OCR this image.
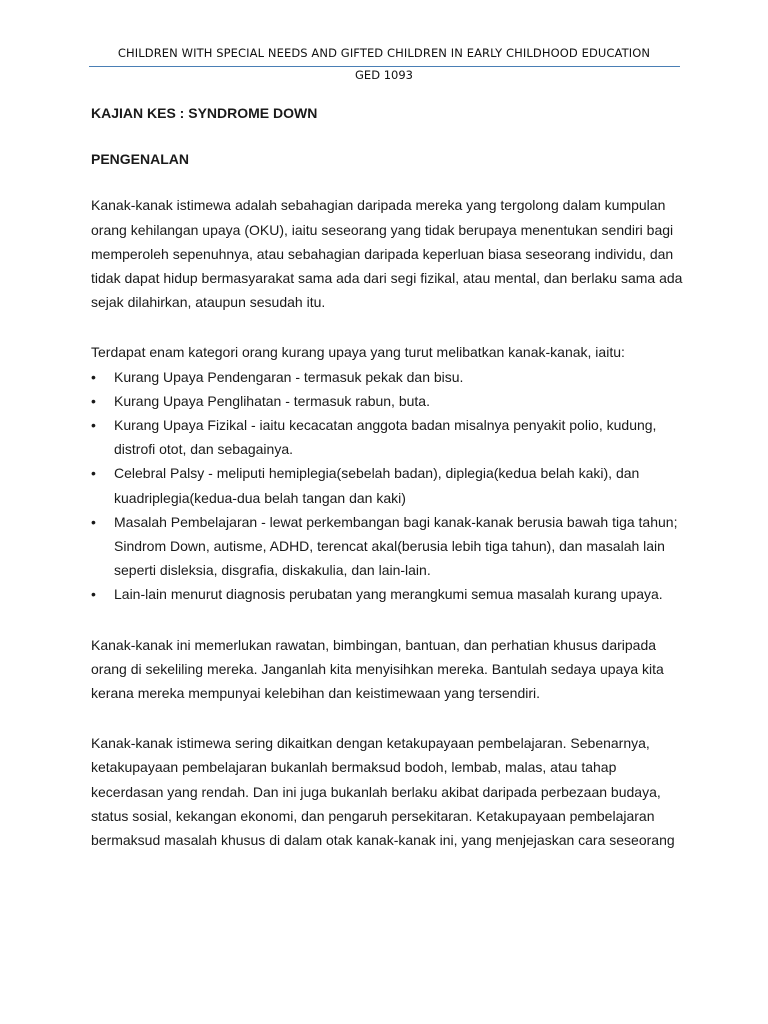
CHILDREN WITH SPECIAL NEEDS AND GIFTED CHILDREN IN EARLY CHILDHOOD EDUCATION
GED 1093

KAJIAN KES : SYNDROME DOWN

PENGENALAN

Kanak-kanak istimewa adalah sebahagian daripada mereka yang tergolong dalam kumpulan orang kehilangan upaya (OKU), iaitu seseorang yang tidak berupaya menentukan sendiri bagi memperoleh sepenuhnya, atau sebahagian daripada keperluan biasa seseorang individu, dan tidak dapat hidup bermasyarakat sama ada dari segi fizikal, atau mental, dan berlaku sama ada sejak dilahirkan, ataupun sesudah itu.

Terdapat enam kategori orang kurang upaya yang turut melibatkan kanak-kanak, iaitu:

• Kurang Upaya Pendengaran - termasuk pekak dan bisu.
• Kurang Upaya Penglihatan - termasuk rabun, buta.
• Kurang Upaya Fizikal - iaitu kecacatan anggota badan misalnya penyakit polio, kudung, distrofi otot, dan sebagainya.
• Celebral Palsy - meliputi hemiplegia(sebelah badan), diplegia(kedua belah kaki), dan kuadriplegia(kedua-dua belah tangan dan kaki)
• Masalah Pembelajaran - lewat perkembangan bagi kanak-kanak berusia bawah tiga tahun; Sindrom Down, autisme, ADHD, terencat akal(berusia lebih tiga tahun), dan masalah lain seperti disleksia, disgrafia, diskakulia, dan lain-lain.
• Lain-lain menurut diagnosis perubatan yang merangkumi semua masalah kurang upaya.

Kanak-kanak ini memerlukan rawatan, bimbingan, bantuan, dan perhatian khusus daripada orang di sekeliling mereka. Janganlah kita menyisihkan mereka. Bantulah sedaya upaya kita kerana mereka mempunyai kelebihan dan keistimewaan yang tersendiri.

Kanak-kanak istimewa sering dikaitkan dengan ketakupayaan pembelajaran. Sebenarnya, ketakupayaan pembelajaran bukanlah bermaksud bodoh, lembab, malas, atau tahap kecerdasan yang rendah. Dan ini juga bukanlah berlaku akibat daripada perbezaan budaya, status sosial, kekangan ekonomi, dan pengaruh persekitaran. Ketakupayaan pembelajaran bermaksud masalah khusus di dalam otak kanak-kanak ini, yang menjejaskan cara seseorang
